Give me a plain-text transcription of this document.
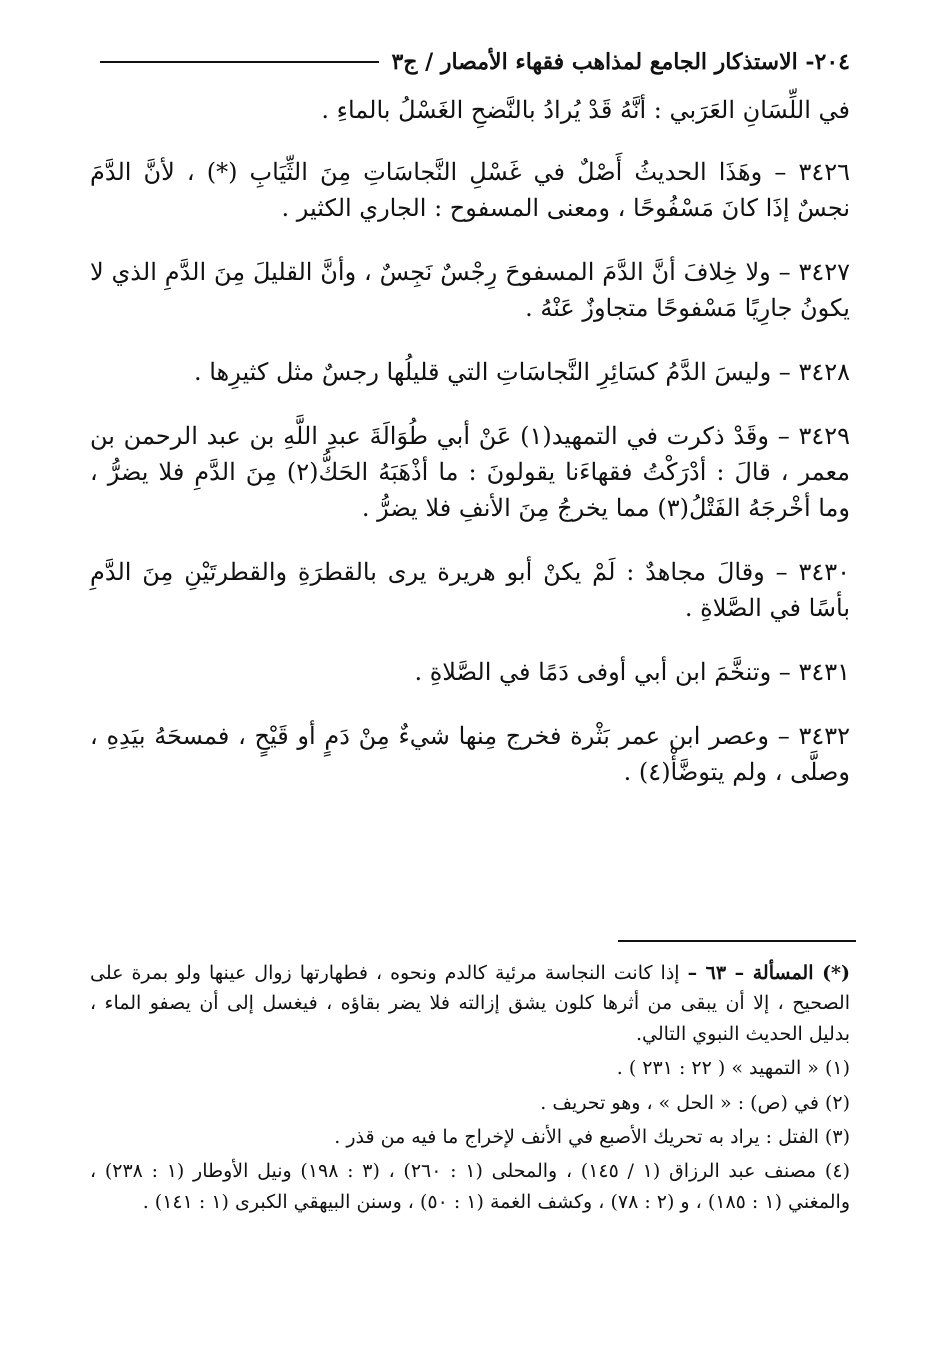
٢٠٤- الاستذكار الجامع لمذاهب فقهاء الأمصار / ج٣

في اللِّسَانِ العَرَبي : أنَّهُ قَدْ يُرادُ بالنَّضحِ الغَسْلُ بالماءِ .

٣٤٢٦ – وهَذَا الحديثُ أَصْلٌ في غَسْلِ النَّجاسَاتِ مِنَ الثِّيَابِ (*) ، لأنَّ الدَّمَ نجسٌ إذَا كانَ مَسْفُوحًا ، ومعنى المسفوح : الجاري الكثير .

٣٤٢٧ – ولا خِلافَ أنَّ الدَّمَ المسفوحَ رِجْسٌ نَجِسٌ ، وأنَّ القليلَ مِنَ الدَّمِ الذي لا يكونُ جارِيًا مَسْفوحًا متجاوزٌ عَنْهُ .

٣٤٢٨ – وليسَ الدَّمُ كسَائِرِ النَّجاسَاتِ التي قليلُها رجسٌ مثل كثيرِها .

٣٤٢٩ – وقَدْ ذكرت في التمهيد(١) عَنْ أبي طُوَالَةَ عبدِ اللَّهِ بن عبد الرحمن بن معمر ، قالَ : أدْرَكْتُ فقهاءَنا يقولونَ : ما أذْهَبَهُ الحَكُّ(٢) مِنَ الدَّمِ فلا يضرُّ ، وما أخْرجَهُ الفَتْلُ(٣) مما يخرجُ مِنَ الأنفِ فلا يضرُّ .

٣٤٣٠ – وقالَ مجاهدٌ : لَمْ يكنْ أبو هريرة يرى بالقطرَةِ والقطرتَيْنِ مِنَ الدَّمِ بأسًا في الصَّلاةِ .

٣٤٣١ – وتنخَّمَ ابن أبي أوفى دَمًا في الصَّلاةِ .

٣٤٣٢ – وعصر ابن عمر بَثْرة فخرج مِنها شيءٌ مِنْ دَمٍ أو قَيْحٍ ، فمسحَهُ بيَدِهِ ، وصلَّى ، ولم يتوضَّأْ(٤) .

(*) المسألة – ٦٣ – إذا كانت النجاسة مرئية كالدم ونحوه ، فطهارتها زوال عينها ولو بمرة على الصحيح ، إلا أن يبقى من أثرها كلون يشق إزالته فلا يضر بقاؤه ، فيغسل إلى أن يصفو الماء ، بدليل الحديث النبوي التالي.

(١) « التمهيد » ( ٢٢ : ٢٣١ ) .

(٢) في (ص) : « الحل » ، وهو تحريف .

(٣) الفتل : يراد به تحريك الأصبع في الأنف لإخراج ما فيه من قذر .

(٤) مصنف عبد الرزاق (١ / ١٤٥) ، والمحلى (١ : ٢٦٠) ، (٣ : ١٩٨) ونيل الأوطار (١ : ٢٣٨) ، والمغني (١ : ١٨٥) ، و (٢ : ٧٨) ، وكشف الغمة (١ : ٥٠) ، وسنن البيهقي الكبرى (١ : ١٤١) .
